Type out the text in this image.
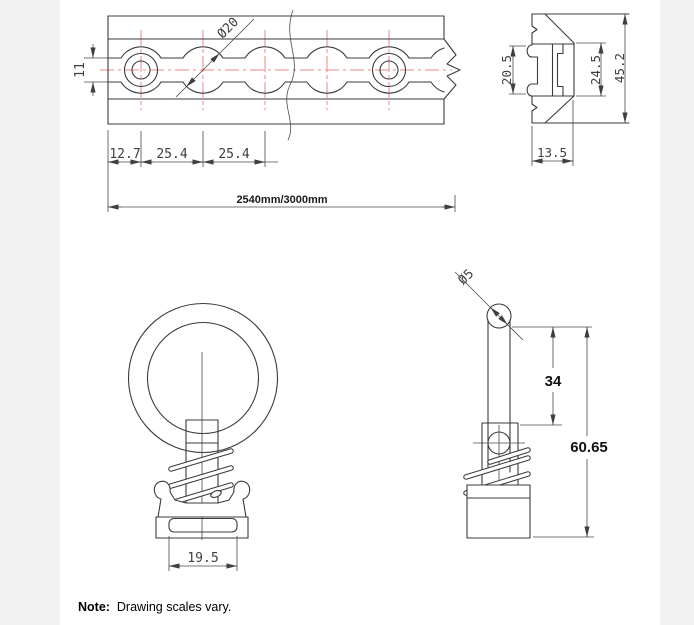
11
Ø20
12.7 25.4 25.4
2540mm/3000mm
20.5	24.5 45.2
13.5
19.5
Ø5
34
60.65
Note: Drawing scales vary.
